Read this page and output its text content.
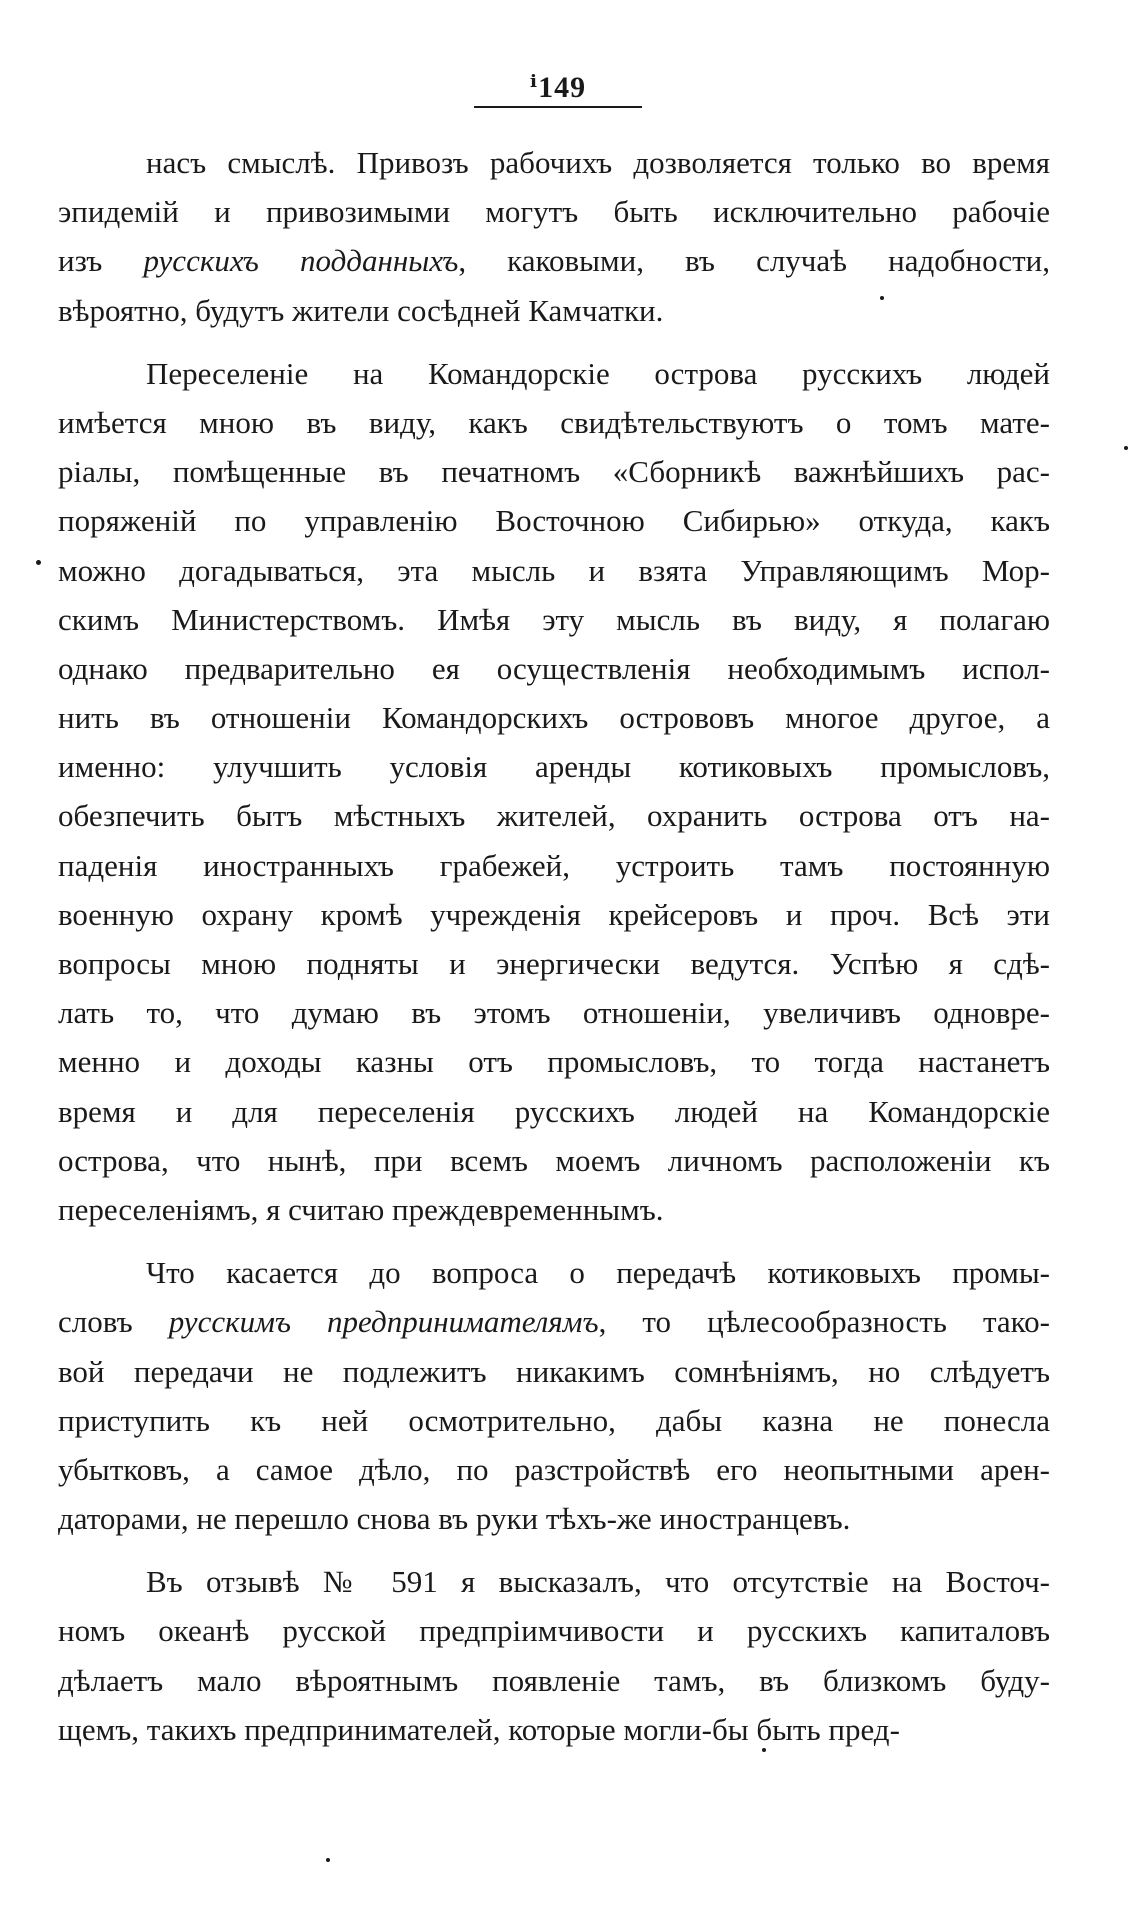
ⁱ149
насъ смыслѣ. Привозъ рабочихъ дозволяется только во время
эпидемій и привозимыми могутъ быть исключительно рабочіе
изъ русскихъ подданныхъ, каковыми, въ случаѣ надобности,
вѣроятно, будутъ жители сосѣдней Камчатки.
Переселеніе на Командорскіе острова русскихъ людей
имѣется мною въ виду, какъ свидѣтельствуютъ о томъ мате-
ріалы, помѣщенные въ печатномъ «Сборникѣ важнѣйшихъ рас-
поряженій по управленію Восточною Сибирью» откуда, какъ
можно догадываться, эта мысль и взята Управляющимъ Мор-
скимъ Министерствомъ. Имѣя эту мысль въ виду, я полагаю
однако предварительно ея осуществленія необходимымъ испол-
нить въ отношеніи Командорскихъ острововъ многое другое, а
именно: улучшить условія аренды котиковыхъ промысловъ,
обезпечить бытъ мѣстныхъ жителей, охранить острова отъ на-
паденія иностранныхъ грабежей, устроить тамъ постоянную
военную охрану кромѣ учрежденія крейсеровъ и проч. Всѣ эти
вопросы мною подняты и энергически ведутся. Успѣю я сдѣ-
лать то, что думаю въ этомъ отношеніи, увеличивъ одновре-
менно и доходы казны отъ промысловъ, то тогда настанетъ
время и для переселенія русскихъ людей на Командорскіе
острова, что нынѣ, при всемъ моемъ личномъ расположеніи къ
переселеніямъ, я считаю преждевременнымъ.
Что касается до вопроса о передачѣ котиковыхъ промы-
словъ русскимъ предпринимателямъ, то цѣлесообразность тако-
вой передачи не подлежитъ никакимъ сомнѣніямъ, но слѣдуетъ
приступить къ ней осмотрительно, дабы казна не понесла
убытковъ, а самое дѣло, по разстройствѣ его неопытными арен-
даторами, не перешло снова въ руки тѣхъ-же иностранцевъ.
Въ отзывѣ № 591 я высказалъ, что отсутствіе на Восточ-
номъ океанѣ русской предпріимчивости и русскихъ капиталовъ
дѣлаетъ мало вѣроятнымъ появленіе тамъ, въ близкомъ буду-
щемъ, такихъ предпринимателей, которые могли-бы быть пред-
